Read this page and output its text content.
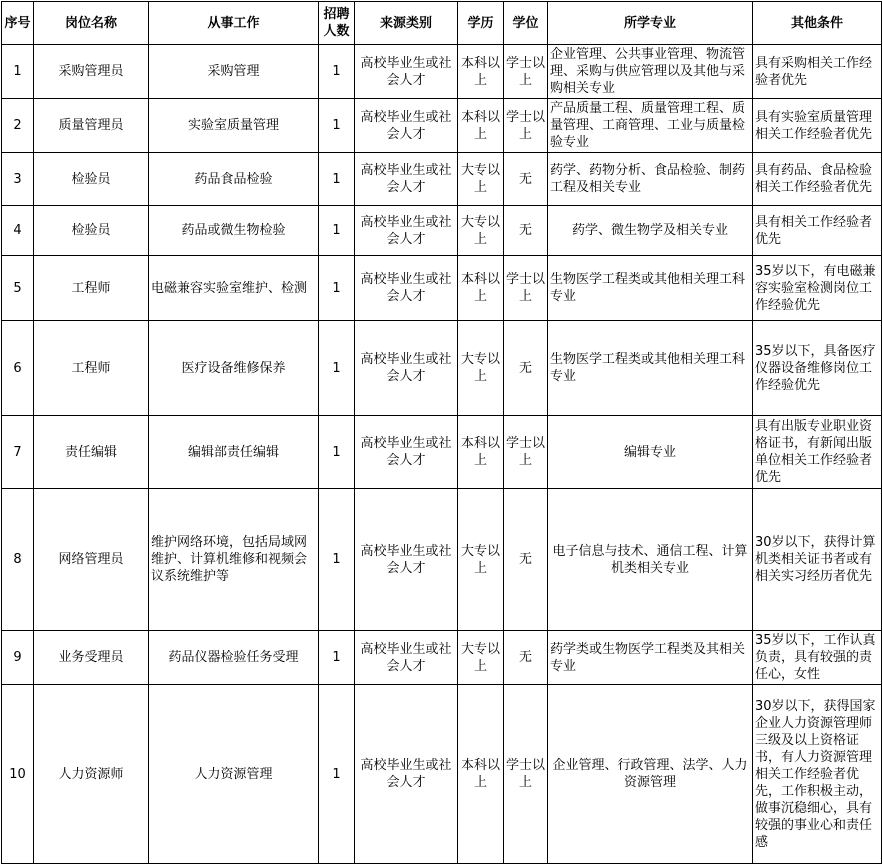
序号	岗位名称	从事工作	招聘人数	来源类别	学历	学位	所学专业	其他条件
1	采购管理员	采购管理	1	高校毕业生或社会人才	本科以上	学士以上	企业管理、公共事业管理、物流管理、采购与供应管理以及其他与采购相关专业	具有采购相关工作经验者优先
2	质量管理员	实验室质量管理	1	高校毕业生或社会人才	本科以上	学士以上	产品质量工程、质量管理工程、质量管理、工商管理、工业与质量检验专业	具有实验室质量管理相关工作经验者优先
3	检验员	药品食品检验	1	高校毕业生或社会人才	大专以上	无	药学、药物分析、食品检验、制药工程及相关专业	具有药品、食品检验相关工作经验者优先
4	检验员	药品或微生物检验	1	高校毕业生或社会人才	大专以上	无	药学、微生物学及相关专业	具有相关工作经验者优先
5	工程师	电磁兼容实验室维护、检测	1	高校毕业生或社会人才	本科以上	学士以上	生物医学工程类或其他相关理工科专业	35岁以下，有电磁兼容实验室检测岗位工作经验优先
6	工程师	医疗设备维修保养	1	高校毕业生或社会人才	大专以上	无	生物医学工程类或其他相关理工科专业	35岁以下，具备医疗仪器设备维修岗位工作经验优先
7	责任编辑	编辑部责任编辑	1	高校毕业生或社会人才	本科以上	学士以上	编辑专业	具有出版专业职业资格证书，有新闻出版单位相关工作经验者优先
8	网络管理员	维护网络环境，包括局域网维护、计算机维修和视频会议系统维护等	1	高校毕业生或社会人才	大专以上	无	电子信息与技术、通信工程、计算机类相关专业	30岁以下，获得计算机类相关证书者或有相关实习经历者优先
9	业务受理员	药品仪器检验任务受理	1	高校毕业生或社会人才	大专以上	无	药学类或生物医学工程类及其相关专业	35岁以下，工作认真负责，具有较强的责任心，女性
10	人力资源师	人力资源管理	1	高校毕业生或社会人才	本科以上	学士以上	企业管理、行政管理、法学、人力资源管理	30岁以下，获得国家企业人力资源管理师三级及以上资格证书，有人力资源管理相关工作经验者优先，工作积极主动，做事沉稳细心，具有较强的事业心和责任感
